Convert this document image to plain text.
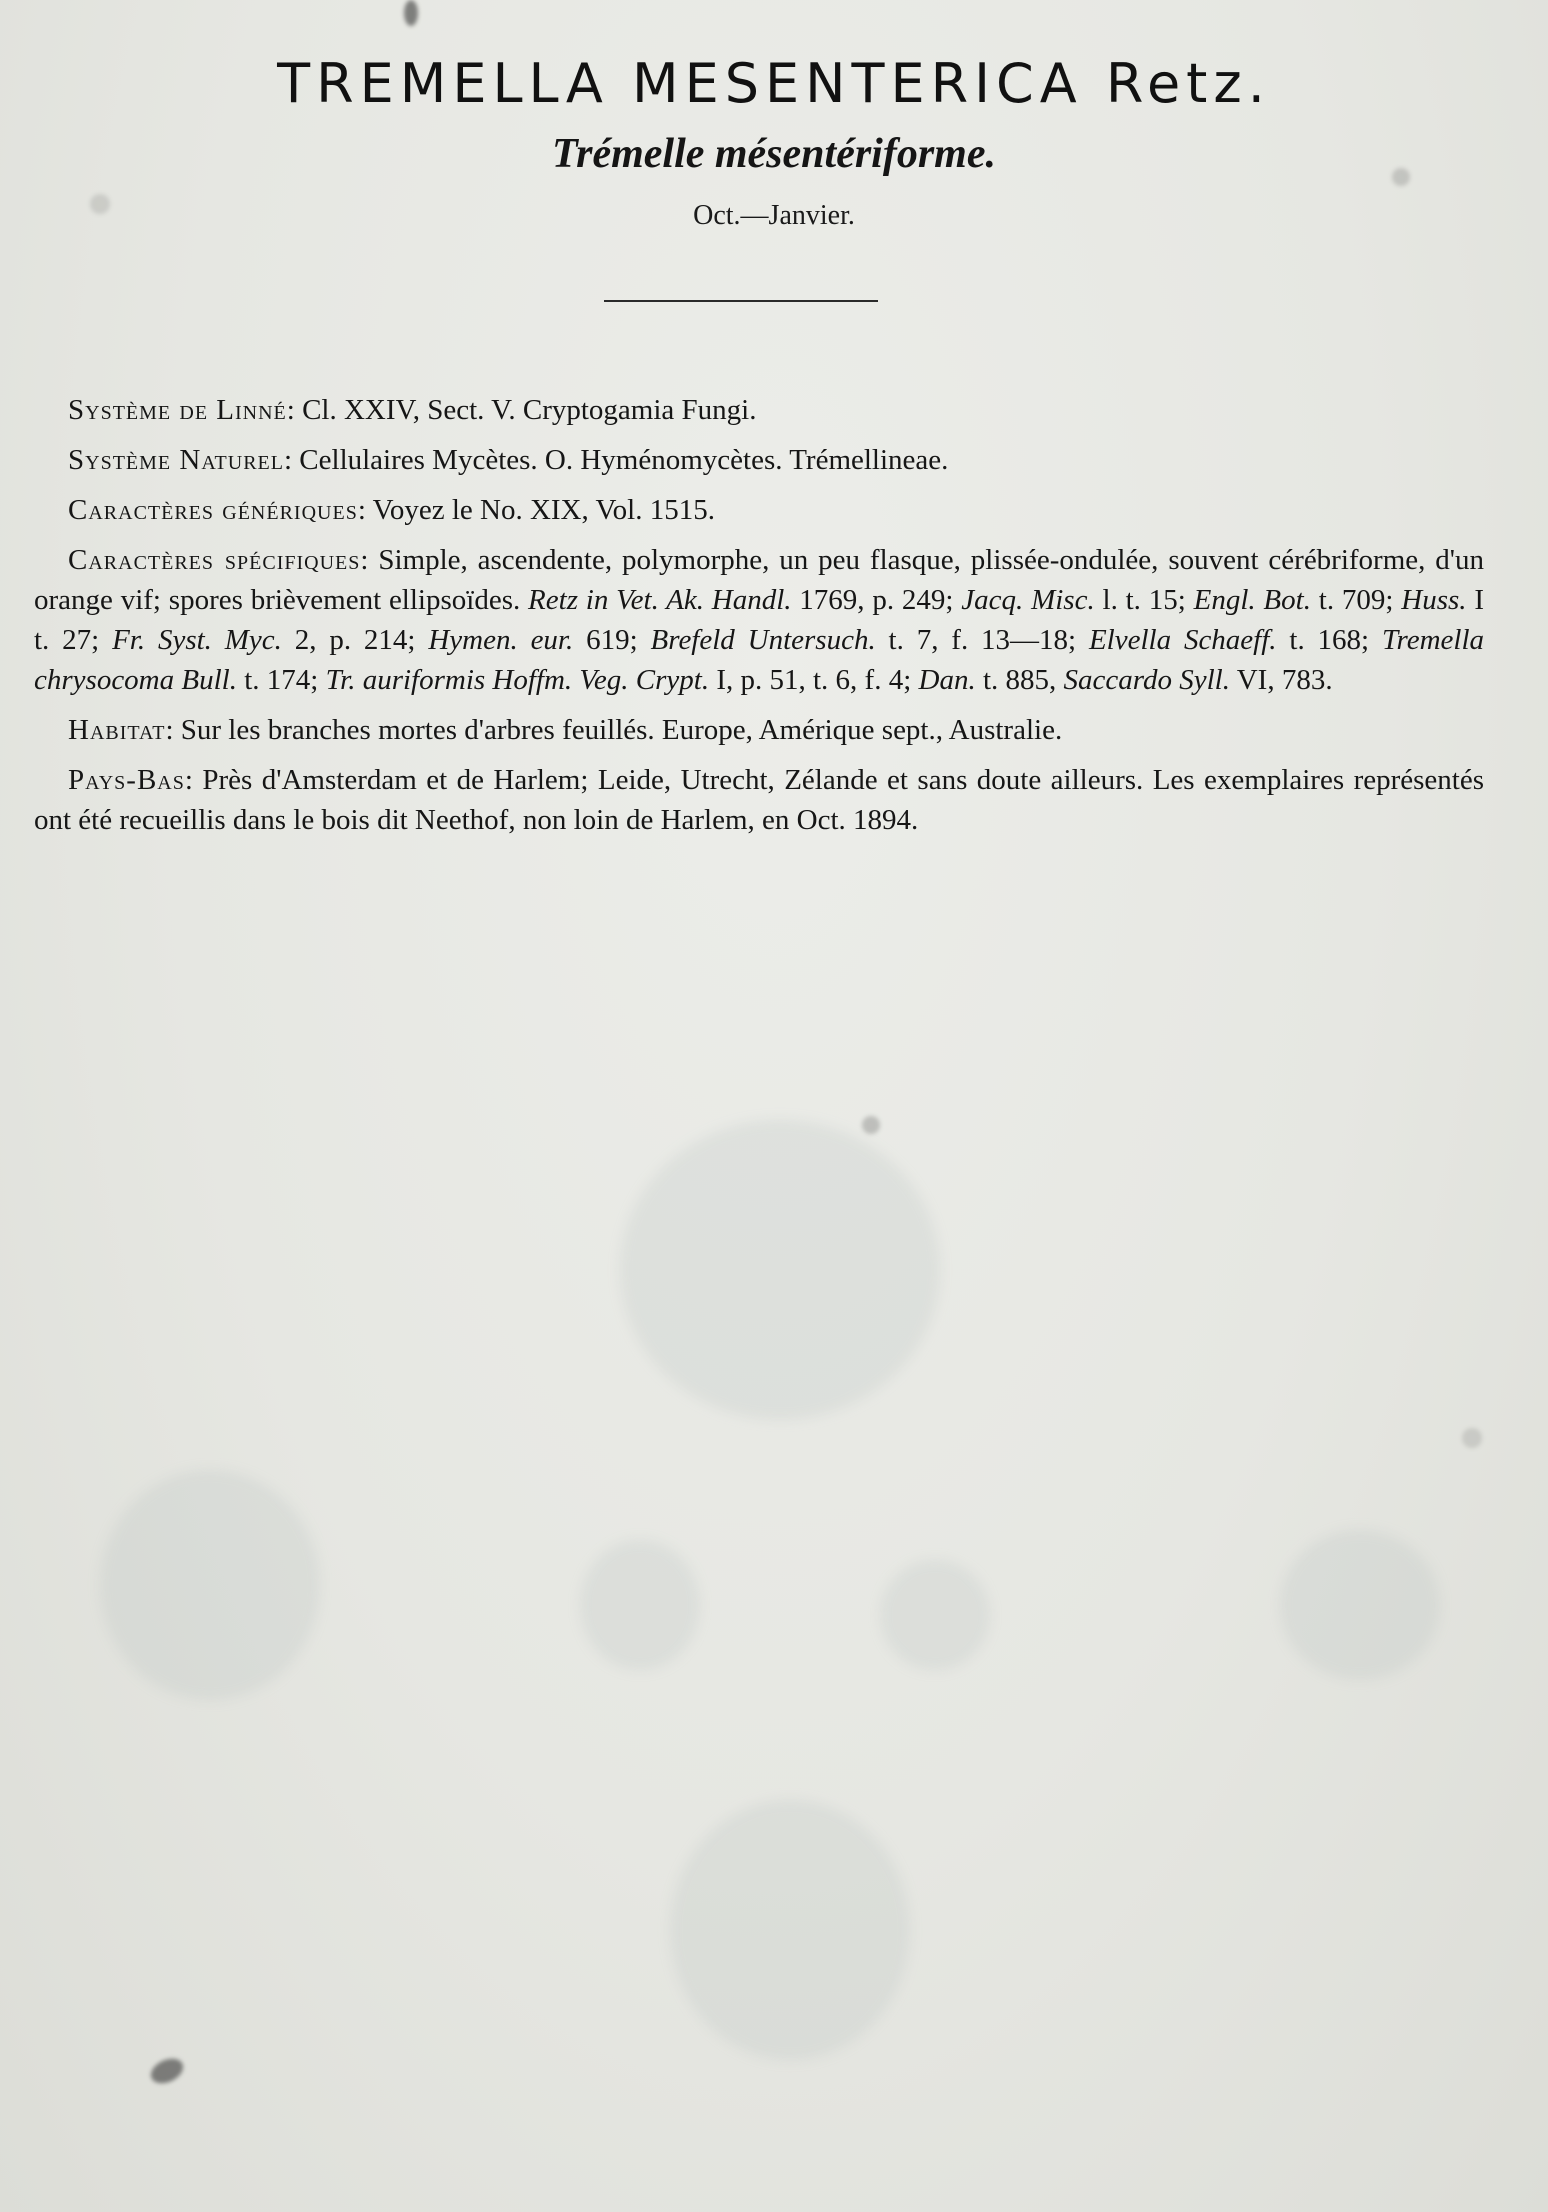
TREMELLA MESENTERICA Retz.
Trémelle mésentériforme.
Oct.—Janvier.

Système de Linné: Cl. XXIV, Sect. V. Cryptogamia Fungi.

Système Naturel: Cellulaires Mycètes. O. Hyménomycètes. Trémellineae.

Caractères génériques: Voyez le No. XIX, Vol. 1515.

Caractères spécifiques: Simple, ascendente, polymorphe, un peu flasque, plissée-ondulée, souvent cérébriforme, d'un orange vif; spores brièvement ellipsoïdes. Retz in Vet. Ak. Handl. 1769, p. 249; Jacq. Misc. l. t. 15; Engl. Bot. t. 709; Huss. I t. 27; Fr. Syst. Myc. 2, p. 214; Hymen. eur. 619; Brefeld Untersuch. t. 7, f. 13—18; Elvella Schaeff. t. 168; Tremella chrysocoma Bull. t. 174; Tr. auriformis Hoffm. Veg. Crypt. I, p. 51, t. 6, f. 4; Dan. t. 885, Saccardo Syll. VI, 783.

Habitat: Sur les branches mortes d'arbres feuillés. Europe, Amérique sept., Australie.

Pays-Bas: Près d'Amsterdam et de Harlem; Leide, Utrecht, Zélande et sans doute ailleurs. Les exemplaires représentés ont été recueillis dans le bois dit Neethof, non loin de Harlem, en Oct. 1894.
